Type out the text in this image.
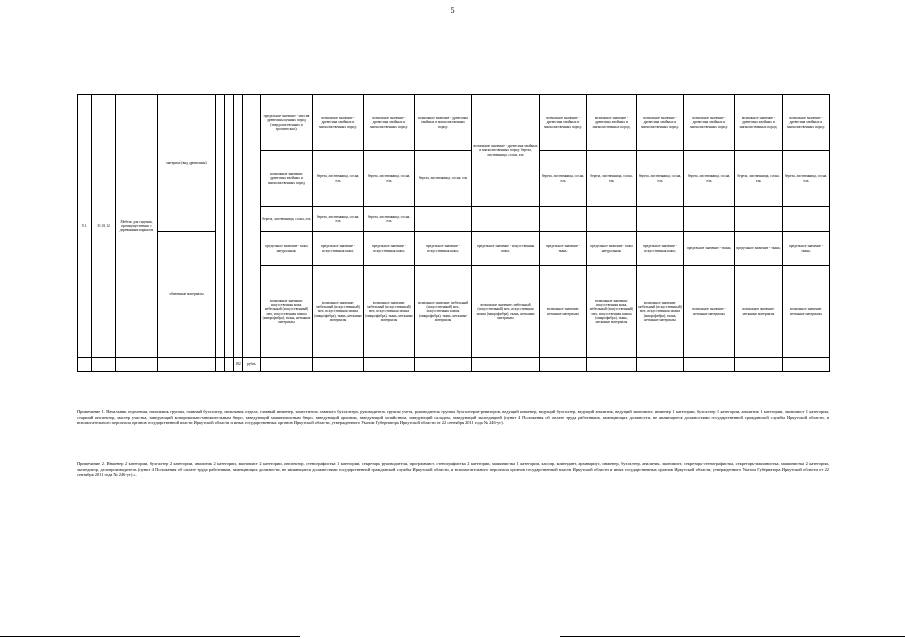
5
9.1.	31.01.12	Мебель для сидения, преимущественно с деревянным каркасом	материал (вид древесины)					предельное значение - массив древесины ценных пород (твердолиственных и тропических);	возможное значение - древесина хвойных и мягколиственных пород:	возможное значение - древесина хвойных и мягколиственных пород:	возможное значение - древесина хвойных и мягколиственных пород:	возможное значение - древесина хвойных и мягколиственных пород: береза, лиственница, сосна, ель	возможное значение - древесина хвойных и мягколиственных пород:	возможное значение - древесина хвойных и мягколиственных пород:	возможное значение - древесина хвойных и мягколиственных пород:	возможное значение - древесина хвойных и мягколиственных пород:	возможное значение - древесина хвойных и мягколиственных пород:	возможное значение - древесина хвойных и мягколиственных пород:
								возможные значения: древесина хвойных и мягколиственных пород	береза, лиственница, сосна, ель	береза, лиственница, сосна, ель	береза, лиственница, сосна, ель		береза, лиственница, сосна, ель	береза, лиственница, сосна, ель	береза, лиственница, сосна, ель	береза, лиственница, сосна, ель	береза, лиственница, сосна, ель	береза, лиственница, сосна, ель
								береза, лиственница, сосна, ель	береза, лиственница, сосна, ель	береза, лиственница, сосна, ель								
			обивочные материалы					предельное значение - кожа натуральная;	предельное значение - искусственная кожа;	предельное значение - искусственная кожа;	предельное значение - искусственная кожа;	предельное значение - искусственная кожа;	предельное значение - ткань.	предельное значение - кожа натуральная;	предельное значение - искусственная кожа;	предельное значение - ткань;	предельное значение - ткань;	предельное значение - ткань;
								возможные значения: искусственная кожа, мебельный (искусственный) мех, искусственная замша (микрофибра), ткань, нетканые материалы	возможное значение: мебельный (искусственный) мех, искусственная замша (микрофибра), ткань, нетканые материалы	возможное значение: мебельный (искусственный) мех, искусственная замша (микрофибра), ткань, нетканые материалы	возможное значение: мебельный (искусственный) мех, искусственная замша (микрофибра), ткань, нетканые материалы	возможное значение: мебельный (искусственный) мех, искусственная замша (микрофибра), ткань, нетканые материалы	возможное значение: нетканые материалы	возможные значения: искусственная кожа, мебельный (искусственный) мех, искусственная замша (микрофибра), ткань, нетканые материалы	возможное значение: мебельный (искусственный) мех, искусственная замша (микрофибра), ткань, нетканые материалы	возможное значение - нетканые материалы	возможное значение: нетканые материалы	возможное значение: нетканые материалы
						182	рубль											
Примечание 1. Начальник отделения, начальник группы, главный бухгалтер, начальник отдела, главный инженер, заместитель главного бухгалтера, руководитель группы учета, руководитель группы бухгалтеров-ревизоров, ведущий инженер, ведущий бухгалтер, ведущий аналитик, ведущий экономист, инженер 1 категории, бухгалтер 1 категории, аналитик 1 категории, экономист 1 категории, старший инспектор, мастер участка, заведующий копировально-множительным бюро, заведующий машинописным бюро, заведующий архивом, заведующий хозяйством, заведующий складом, заведующий экспедицией (пункт 4 Положения об оплате труда работников, замещающих должности, не являющиеся должностями государственной гражданской службы Иркутской области, и вспомогательного персонала органов государственной власти Иркутской области и иных государственных органов Иркутской области, утвержденного Указом Губернатора Иркутской области от 22 сентября 2011 года № 246-уг).
Примечание 2. Инженер 2 категории, бухгалтер 2 категории, аналитик 2 категории, экономист 2 категории, инспектор, стенографистка 1 категории, секретарь руководителя, программист, стенографистка 2 категории, машинистка 1 категории, кассир, комендант, архивариус, инженер, бухгалтер, аналитик, экономист, секретарь-стенографистка, секретарь-машинистка, машинистка 2 категории, экспедитор, делопроизводитель (пункт 4 Положения об оплате труда работников, замещающих должности, не являющиеся должностями государственной гражданской службы Иркутской области, и вспомогательного персонала органов государственной власти Иркутской области и иных государственных органов Иркутской области, утвержденного Указом Губернатора Иркутской области от 22 сентября 2011 года № 246-уг).».
